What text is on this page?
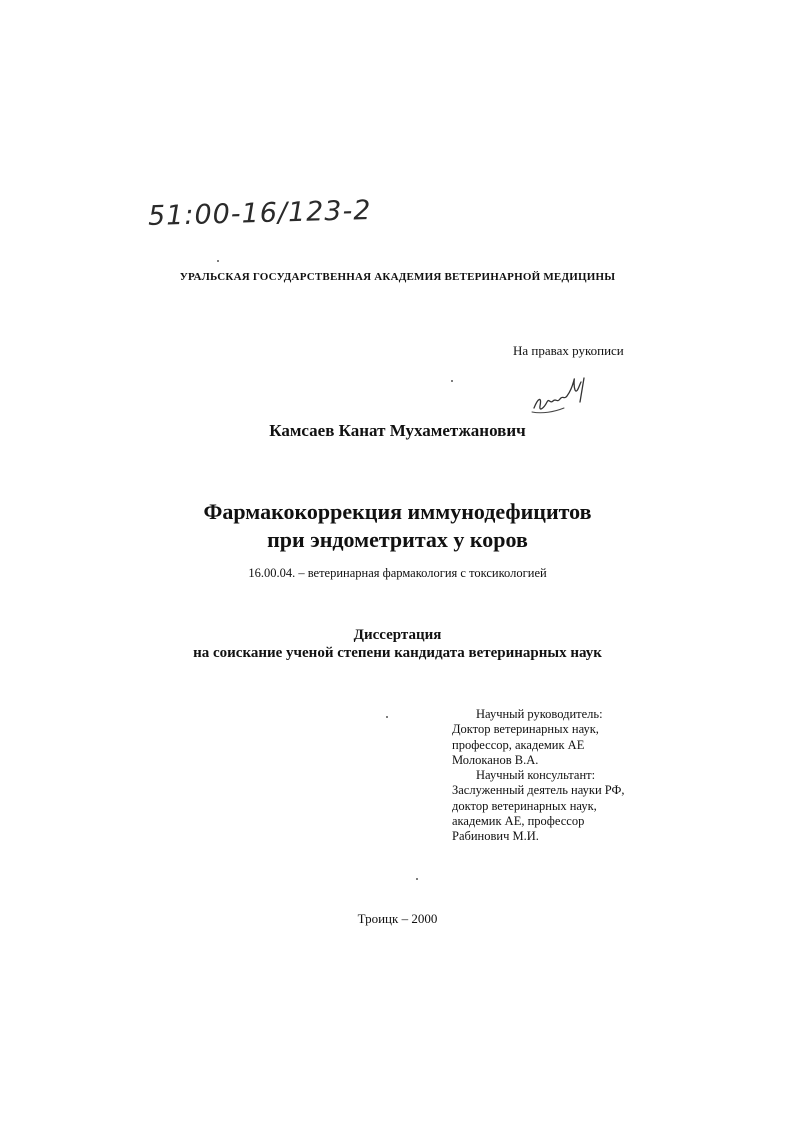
51:00-16/123-2
УРАЛЬСКАЯ ГОСУДАРСТВЕННАЯ АКАДЕМИЯ ВЕТЕРИНАРНОЙ МЕДИЦИНЫ
На правах рукописи
Камсаев Канат Мухаметжанович
Фармакокоррекция иммунодефицитов
при эндометритах у коров
16.00.04. – ветеринарная фармакология с токсикологией
Диссертация
на соискание ученой степени кандидата ветеринарных наук
Научный руководитель:
Доктор ветеринарных наук,
профессор, академик АЕ
Молоканов В.А.
Научный консультант:
Заслуженный деятель науки РФ,
доктор ветеринарных наук,
академик АЕ, профессор
Рабинович М.И.
Троицк – 2000
